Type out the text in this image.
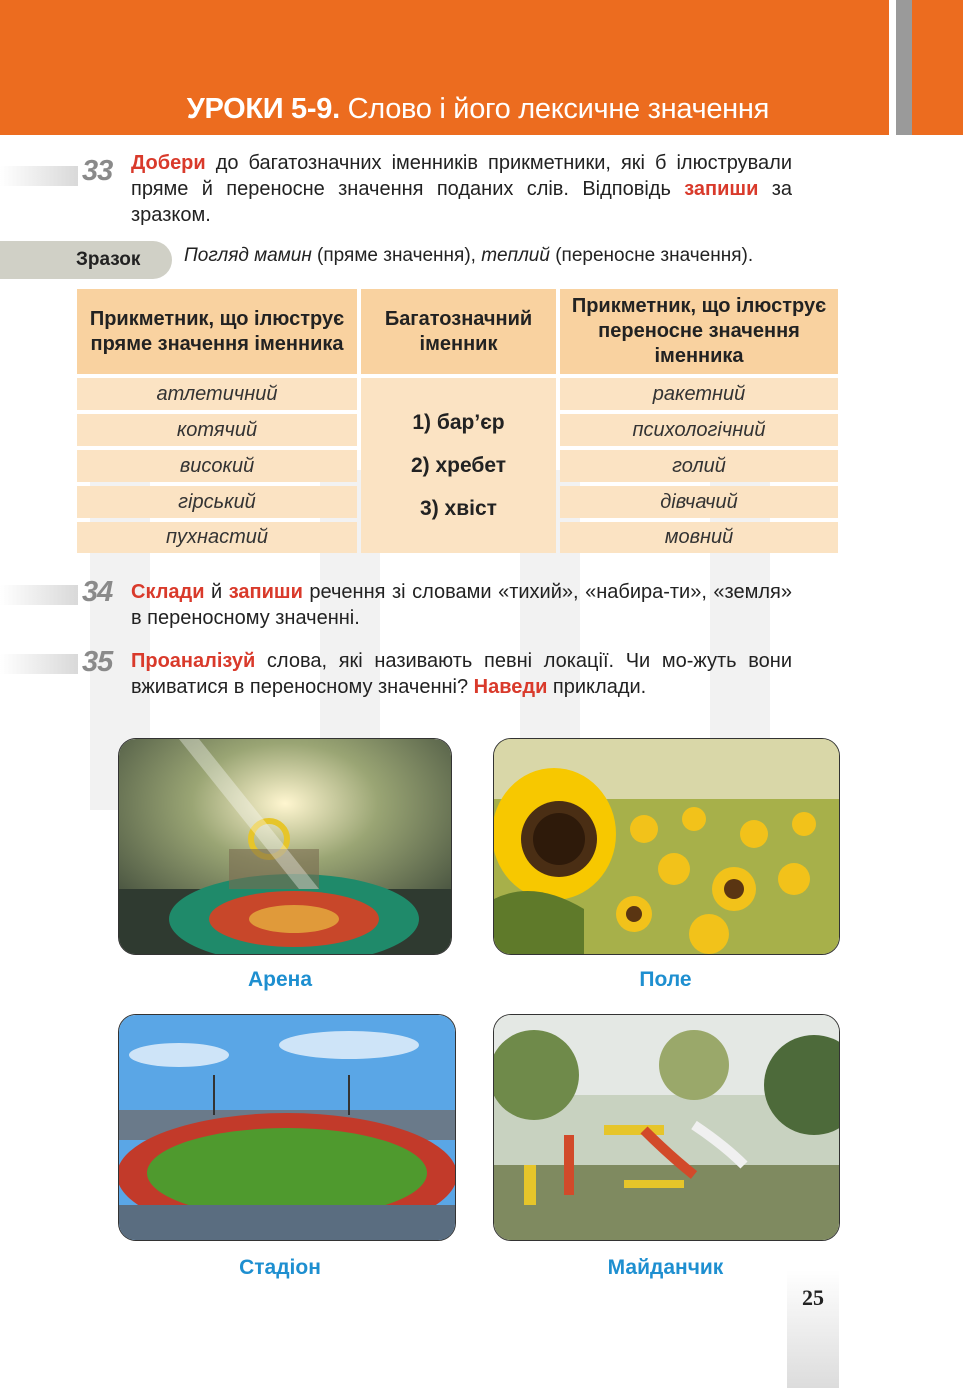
УРОКИ 5-9. Слово і його лексичне значення
33 Добери до багатозначних іменників прикметники, які б ілюстрували пряме й переносне значення поданих слів. Відповідь запиши за зразком.
Зразок Погляд мамин (пряме значення), теплий (переносне значення).
Прикметник, що ілюструє пряме значення іменника
Багатозначний іменник
Прикметник, що ілюструє переносне значення іменника
атлетичний
котячий
високий
гірський
пухнастий
1) бар’єр
2) хребет
3) хвіст
ракетний
психологічний
голий
дівчачий
мовний
34 Склади й запиши речення зі словами «тихий», «набира-ти», «земля» в переносному значенні.
35 Проаналізуй слова, які називають певні локації. Чи мо-жуть вони вживатися в переносному значенні? Наведи приклади.
Арена	Поле
Стадіон	Майданчик
25
